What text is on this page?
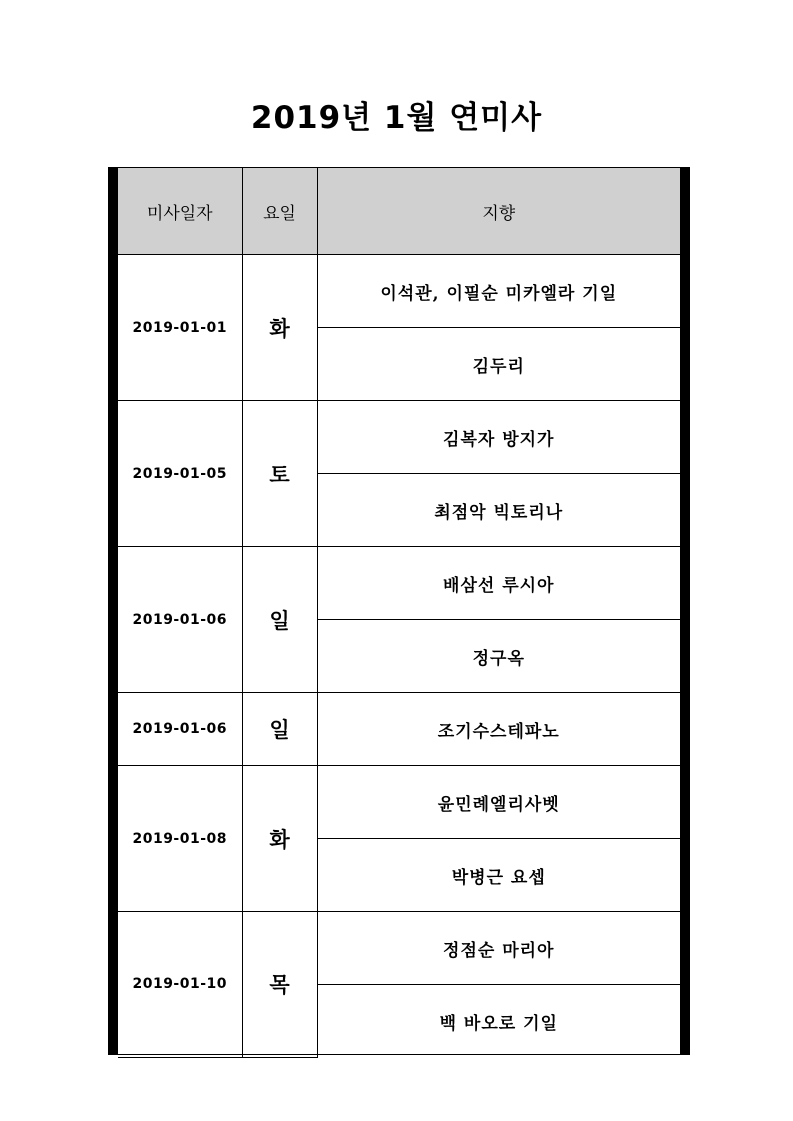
2019년 1월 연미사
미사일자	요일	지향
2019-01-01	화	이석관, 이필순 미카엘라 기일
		김두리
2019-01-05	토	김복자 방지가
		최점악 빅토리나
2019-01-06	일	배삼선 루시아
		정구옥
2019-01-06	일	조기수스테파노
2019-01-08	화	윤민례엘리사벳
		박병근 요셉
2019-01-10	목	정점순 마리아
		백 바오로 기일
